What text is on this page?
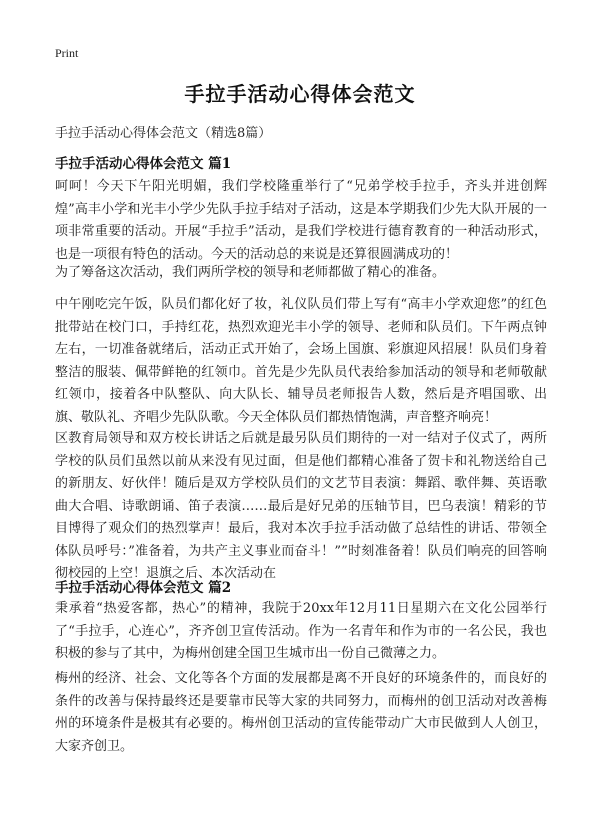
Print
手拉手活动心得体会范文
手拉手活动心得体会范文（精选8篇）
手拉手活动心得体会范文 篇1

呵呵！今天下午阳光明媚，我们学校隆重举行了“兄弟学校手拉手，齐头并进创辉煌”高丰小学和光丰小学少先队手拉手结对子活动，这是本学期我们少先大队开展的一项非常重要的活动。开展“手拉手”活动，是我们学校进行德育教育的一种活动形式，也是一项很有特色的活动。今天的活动总的来说是还算很圆满成功的！

为了筹备这次活动，我们两所学校的领导和老师都做了精心的准备。

中午刚吃完午饭，队员们都化好了妆，礼仪队员们带上写有“高丰小学欢迎您”的红色批带站在校门口，手持红花，热烈欢迎光丰小学的领导、老师和队员们。下午两点钟左右，一切准备就绪后，活动正式开始了，会场上国旗、彩旗迎风招展！队员们身着整洁的服装、佩带鲜艳的红领巾。首先是少先队员代表给参加活动的领导和老师敬献红领巾，接着各中队整队、向大队长、辅导员老师报告人数，然后是齐唱国歌、出旗、敬队礼、齐唱少先队队歌。今天全体队员们都热情饱满，声音整齐响亮！

区教育局领导和双方校长讲话之后就是最另队员们期待的一对一结对子仪式了，两所学校的队员们虽然以前从来没有见过面，但是他们都精心准备了贺卡和礼物送给自己的新朋友、好伙伴！随后是双方学校队员们的文艺节目表演：舞蹈、歌伴舞、英语歌曲大合唱、诗歌朗诵、笛子表演……最后是好兄弟的压轴节目，巴乌表演！精彩的节目博得了观众们的热烈掌声！最后，我对本次手拉手活动做了总结性的讲话、带领全体队员呼号：”准备着，为共产主义事业而奋斗！””时刻准备着！队员们响亮的回答响彻校园的上空！退旗之后、本次活动在

手拉手活动心得体会范文 篇2

秉承着“热爱客都，热心”的精神，我院于20xx年12月11日星期六在文化公园举行了“手拉手，心连心”，齐齐创卫宣传活动。作为一名青年和作为市的一名公民，我也积极的参与了其中，为梅州创建全国卫生城市出一份自己微薄之力。

梅州的经济、社会、文化等各个方面的发展都是离不开良好的环境条件的，而良好的条件的改善与保持最终还是要靠市民等大家的共同努力，而梅州的创卫活动对改善梅州的环境条件是极其有必要的。梅州创卫活动的宣传能带动广大市民做到人人创卫，大家齐创卫。
